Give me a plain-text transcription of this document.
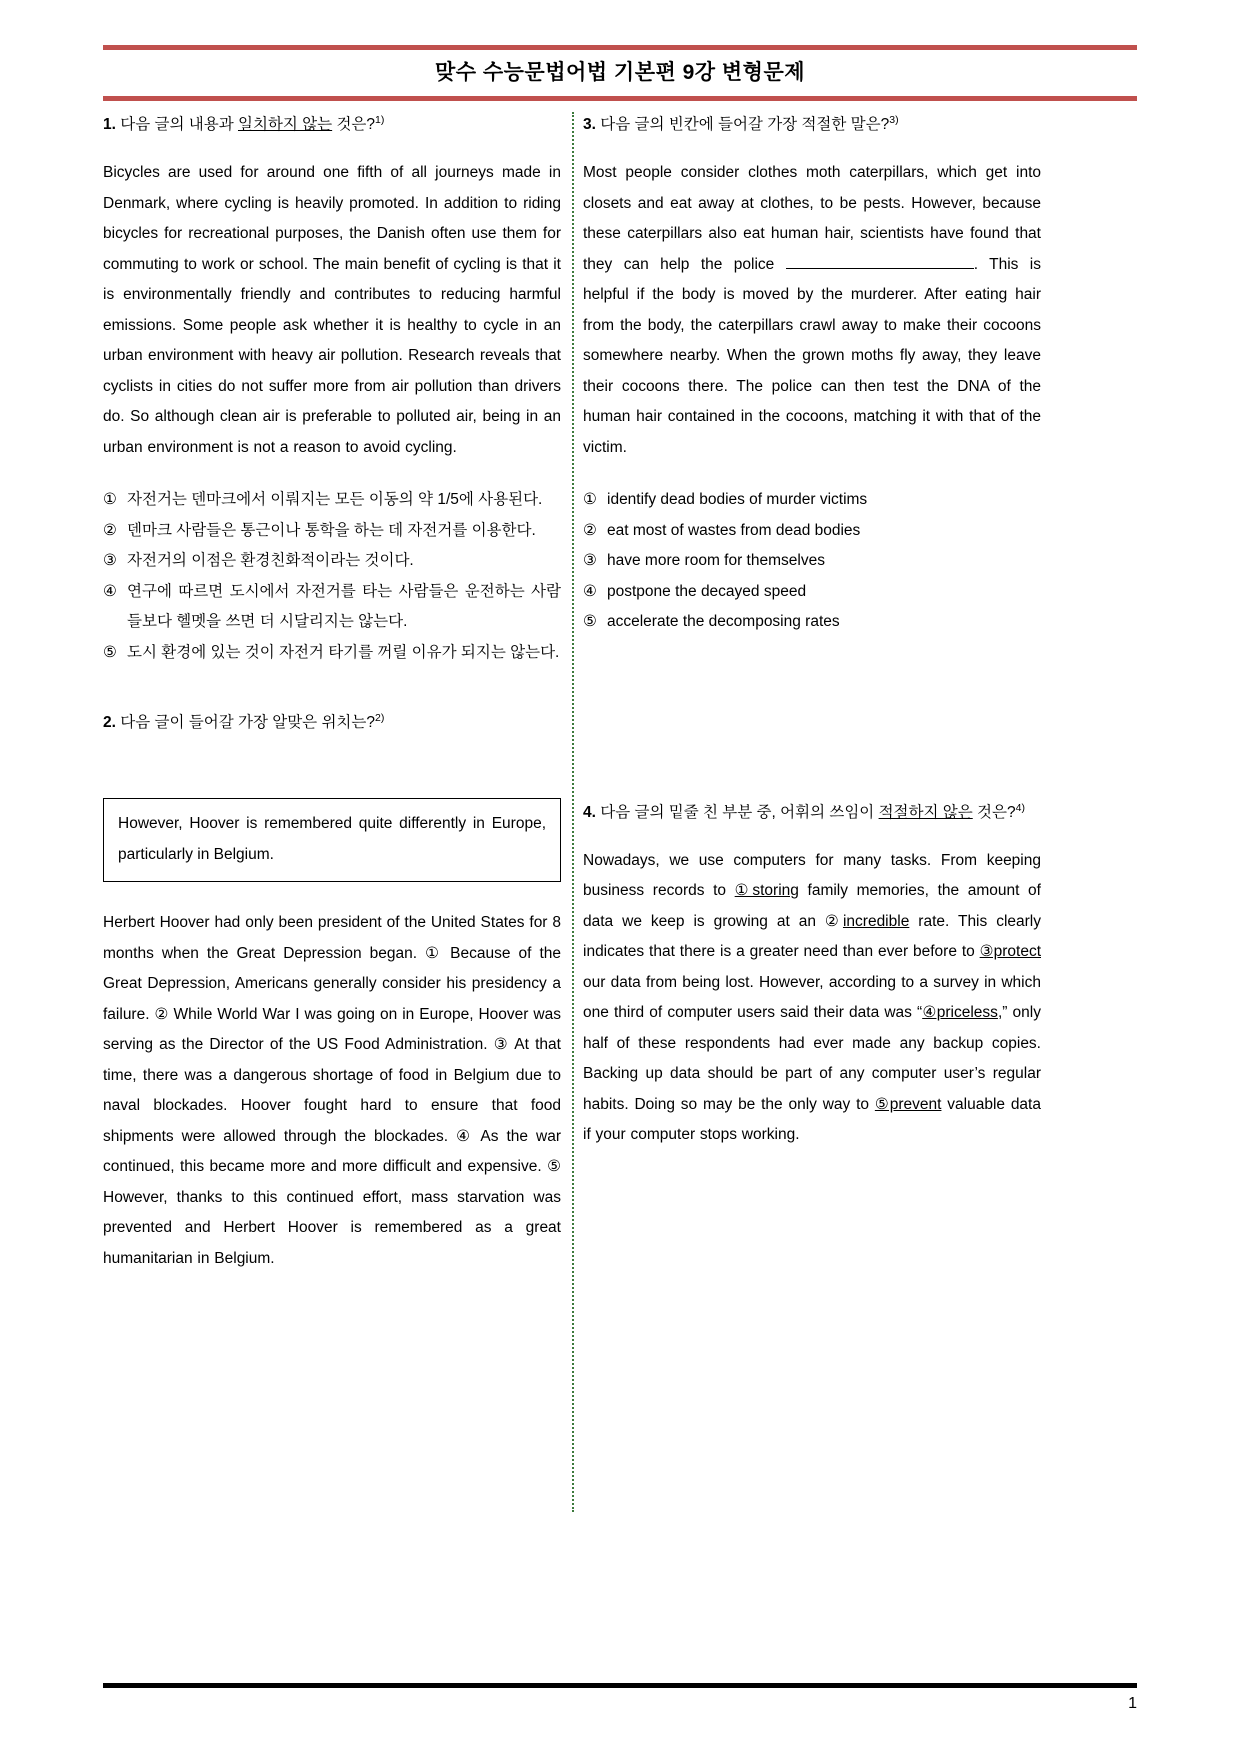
맞수 수능문법어법 기본편 9강 변형문제

1. 다음 글의 내용과 일치하지 않는 것은?$^{1)}$

Bicycles are used for around one fifth of all journeys made in Denmark, where cycling is heavily promoted. In addition to riding bicycles for recreational purposes, the Danish often use them for commuting to work or school. The main benefit of cycling is that it is environmentally friendly and contributes to reducing harmful emissions. Some people ask whether it is healthy to cycle in an urban environment with heavy air pollution. Research reveals that cyclists in cities do not suffer more from air pollution than drivers do. So although clean air is preferable to polluted air, being in an urban environment is not a reason to avoid cycling.

① 자전거는 덴마크에서 이뤄지는 모든 이동의 약 1/5에 사용된다.
② 덴마크 사람들은 통근이나 통학을 하는 데 자전거를 이용한다.
③ 자전거의 이점은 환경친화적이라는 것이다.
④ 연구에 따르면 도시에서 자전거를 타는 사람들은 운전하는 사람들보다 헬멧을 쓰면 더 시달리지는 않는다.
⑤ 도시 환경에 있는 것이 자전거 타기를 꺼릴 이유가 되지는 않는다.

2. 다음 글이 들어갈 가장 알맞은 위치는?$^{2)}$

However, Hoover is remembered quite differently in Europe, particularly in Belgium.

Herbert Hoover had only been president of the United States for 8 months when the Great Depression began. ① Because of the Great Depression, Americans generally consider his presidency a failure. ② While World War I was going on in Europe, Hoover was serving as the Director of the US Food Administration. ③ At that time, there was a dangerous shortage of food in Belgium due to naval blockades. Hoover fought hard to ensure that food shipments were allowed through the blockades. ④ As the war continued, this became more and more difficult and expensive. ⑤ However, thanks to this continued effort, mass starvation was prevented and Herbert Hoover is remembered as a great humanitarian in Belgium.

3. 다음 글의 빈칸에 들어갈 가장 적절한 말은?$^{3)}$

Most people consider clothes moth caterpillars, which get into closets and eat away at clothes, to be pests. However, because these caterpillars also eat human hair, scientists have found that they can help the police	. This is helpful if the body is moved by the murderer. After eating hair from the body, the caterpillars crawl away to make their cocoons somewhere nearby. When the grown moths fly away, they leave their cocoons there. The police can then test the DNA of the human hair contained in the cocoons, matching it with that of the victim.

① identify dead bodies of murder victims
② eat most of wastes from dead bodies
③ have more room for themselves
④ postpone the decayed speed
⑤ accelerate the decomposing rates

4. 다음 글의 밑줄 친 부분 중, 어휘의 쓰임이 적절하지 않은 것은?$^{4)}$

Nowadays, we use computers for many tasks. From keeping business records to ①storing family memories, the amount of data we keep is growing at an ②incredible rate. This clearly indicates that there is a greater need than ever before to ③protect our data from being lost. However, according to a survey in which one third of computer users said their data was “④priceless,” only half of these respondents had ever made any backup copies. Backing up data should be part of any computer user’s regular habits. Doing so may be the only way to ⑤prevent valuable data if your computer stops working.

1
